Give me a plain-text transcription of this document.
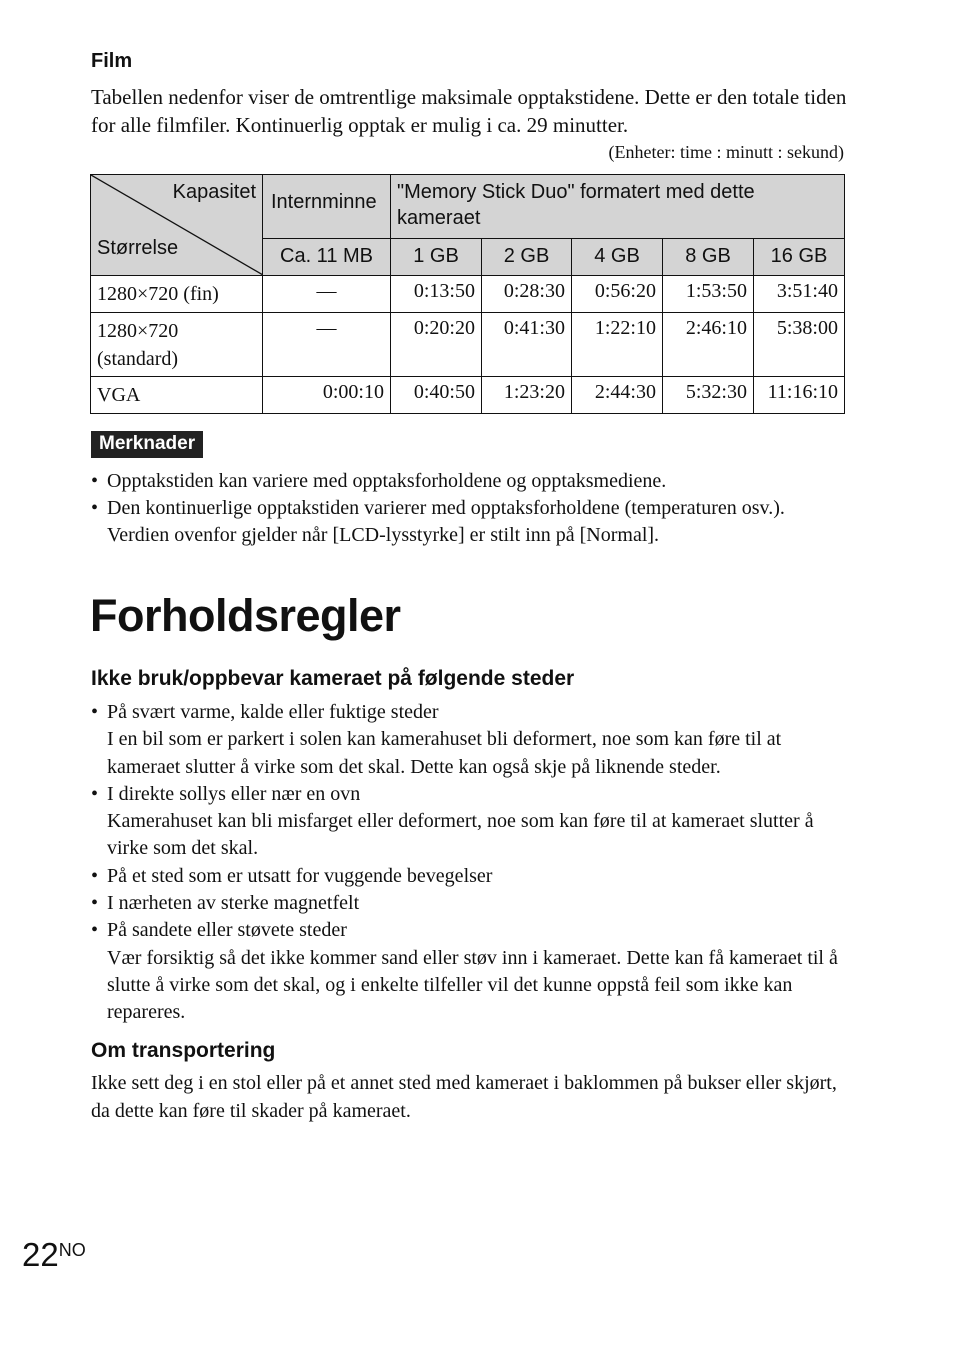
Film
Tabellen nedenfor viser de omtrentlige maksimale opptakstidene. Dette er den totale tiden for alle filmfiler. Kontinuerlig opptak er mulig i ca. 29 minutter.
(Enheter: time : minutt : sekund)
Kapasitet
Størrelse	Internminne	"Memory Stick Duo" formatert med dette kameraet				
	Ca. 11 MB	1 GB	2 GB	4 GB	8 GB	16 GB
1280×720 (fin)	—	0:13:50	0:28:30	0:56:20	1:53:50	3:51:40
1280×720 (standard)	—	0:20:20	0:41:30	1:22:10	2:46:10	5:38:00
VGA	0:00:10	0:40:50	1:23:20	2:44:30	5:32:30	11:16:10
Merknader
• Opptakstiden kan variere med opptaksforholdene og opptaksmediene.
• Den kontinuerlige opptakstiden varierer med opptaksforholdene (temperaturen osv.). Verdien ovenfor gjelder når [LCD-lysstyrke] er stilt inn på [Normal].
Forholdsregler
Ikke bruk/oppbevar kameraet på følgende steder
• På svært varme, kalde eller fuktige steder
I en bil som er parkert i solen kan kamerahuset bli deformert, noe som kan føre til at kameraet slutter å virke som det skal. Dette kan også skje på liknende steder.
• I direkte sollys eller nær en ovn
Kamerahuset kan bli misfarget eller deformert, noe som kan føre til at kameraet slutter å virke som det skal.
• På et sted som er utsatt for vuggende bevegelser
• I nærheten av sterke magnetfelt
• På sandete eller støvete steder
Vær forsiktig så det ikke kommer sand eller støv inn i kameraet. Dette kan få kameraet til å slutte å virke som det skal, og i enkelte tilfeller vil det kunne oppstå feil som ikke kan repareres.
Om transportering
Ikke sett deg i en stol eller på et annet sted med kameraet i baklommen på bukser eller skjørt, da dette kan føre til skader på kameraet.
$22^{NO}$
